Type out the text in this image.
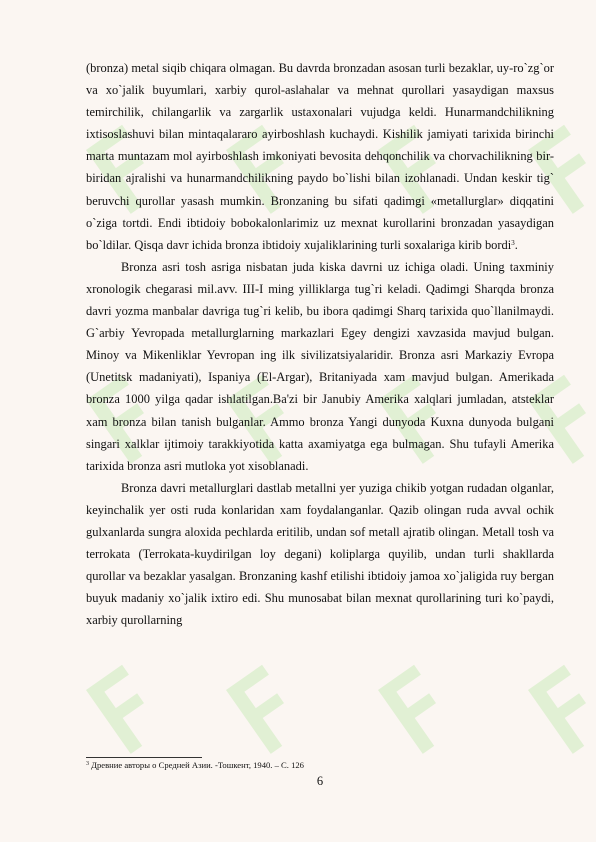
(bronza) metal siqib chiqara olmagan. Bu davrda bronzadan asosan turli bezaklar, uy-ro`zg`or va xo`jalik buyumlari, xarbiy qurol-aslahalar va mehnat qurollari yasaydigan maxsus temirchilik, chilangarlik va zargarlik ustaxonalari vujudga keldi. Hunarmandchilikning ixtisoslashuvi bilan mintaqalararo ayirboshlash kuchaydi. Kishilik jamiyati tarixida birinchi marta muntazam mol ayirboshlash imkoniyati bevosita dehqonchilik va chorvachilikning bir-biridan ajralishi va hunarmandchilikning paydo bo`lishi bilan izohlanadi. Undan keskir tig` beruvchi qurollar yasash mumkin. Bronzaning bu sifati qadimgi «metallurglar» diqqatini o`ziga tortdi. Endi ibtidoiy bobokalonlarimiz uz mexnat kurollarini bronzadan yasaydigan bo`ldilar. Qisqa davr ichida bronza ibtidoiy xujaliklarining turli soxalariga kirib bordi$^3$.

Bronza asri tosh asriga nisbatan juda kiska davrni uz ichiga oladi. Uning taxminiy xronologik chegarasi mil.avv. III-I ming yilliklarga tug`ri keladi. Qadimgi Sharqda bronza davri yozma manbalar davriga tug`ri kelib, bu ibora qadimgi Sharq tarixida quo`llanilmaydi. G`arbiy Yevropada metallurglarning markazlari Egey dengizi xavzasida mavjud bulgan. Minoy va Mikenliklar Yevropan ing ilk sivilizatsiyalaridir. Bronza asri Markaziy Evropa (Unetitsk madaniyati), Ispaniya (El-Argar), Britaniyada xam mavjud bulgan. Amerikada bronza 1000 yilga qadar ishlatilgan.Ba'zi bir Janubiy Amerika xalqlari jumladan, atsteklar xam bronza bilan tanish bulganlar. Ammo bronza Yangi dunyoda Kuxna dunyoda bulgani singari xalklar ijtimoiy tarakkiyotida katta axamiyatga ega bulmagan. Shu tufayli Amerika tarixida bronza asri mutloka yot xisoblanadi.

Bronza davri metallurglari dastlab metallni yer yuziga chikib yotgan rudadan olganlar, keyinchalik yer osti ruda konlaridan xam foydalanganlar. Qazib olingan ruda avval ochik gulxanlarda sungra aloxida pechlarda eritilib, undan sof metall ajratib olingan. Metall tosh va terrokata (Terrokata-kuydirilgan loy degani) koliplarga quyilib, undan turli shakllarda qurollar va bezaklar yasalgan. Bronzaning kashf etilishi ibtidoiy jamoa xo`jaligida ruy bergan buyuk madaniy xo`jalik ixtiro edi. Shu munosabat bilan mexnat qurollarining turi ko`paydi, xarbiy qurollarning

$^3$ Древние авторы о Средней Азии. -Тошкент, 1940. – С. 126
6
